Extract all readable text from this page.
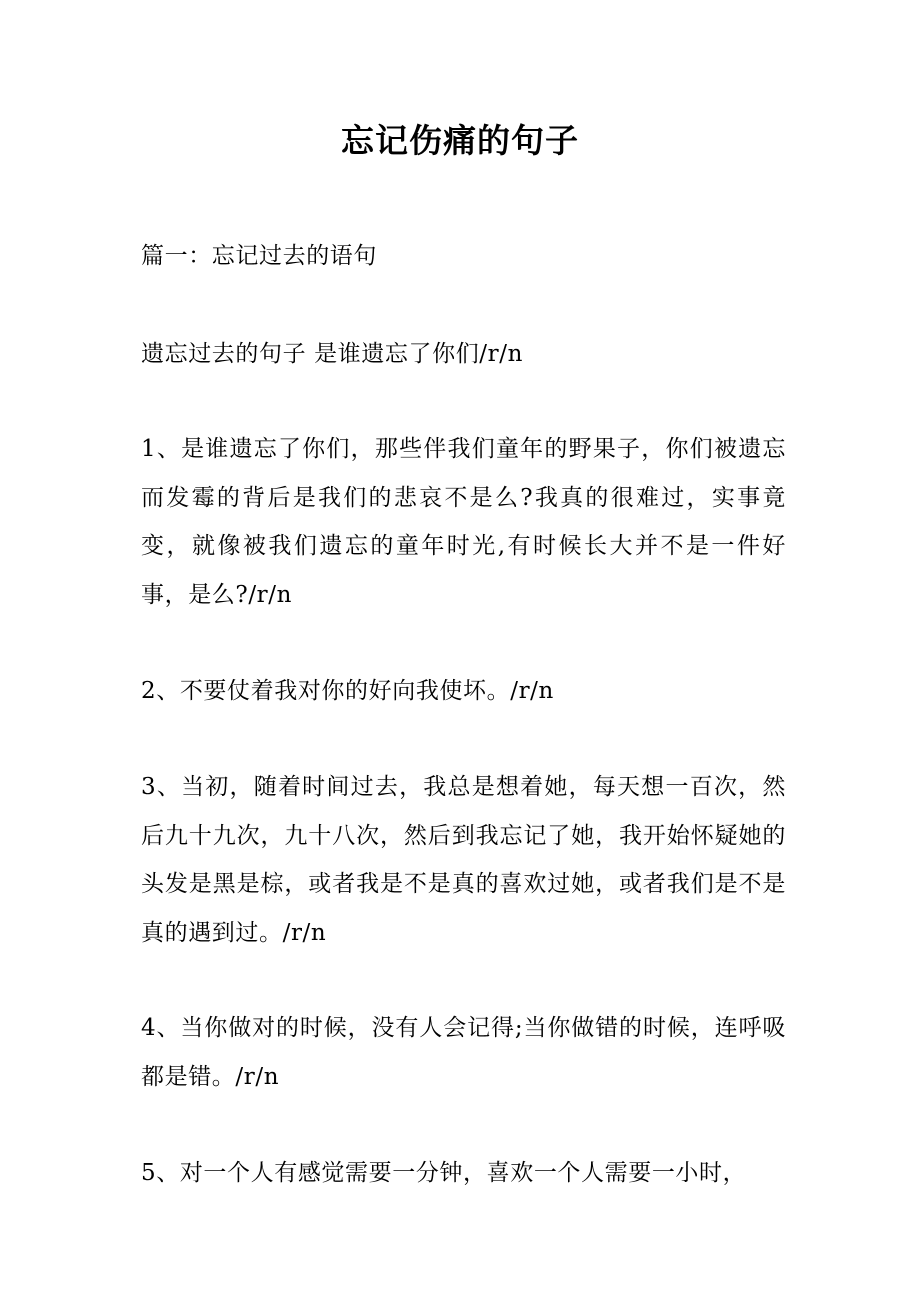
忘记伤痛的句子
篇一：忘记过去的语句
遗忘过去的句子 是谁遗忘了你们/r/n
1、是谁遗忘了你们，那些伴我们童年的野果子，你们被遗忘而发霉的背后是我们的悲哀不是么?我真的很难过，实事竟变，就像被我们遗忘的童年时光,有时候长大并不是一件好事，是么?/r/n
2、不要仗着我对你的好向我使坏。/r/n
3、当初，随着时间过去，我总是想着她，每天想一百次，然后九十九次，九十八次，然后到我忘记了她，我开始怀疑她的头发是黑是棕，或者我是不是真的喜欢过她，或者我们是不是真的遇到过。/r/n
4、当你做对的时候，没有人会记得;当你做错的时候，连呼吸都是错。/r/n
5、对一个人有感觉需要一分钟，喜欢一个人需要一小时，
